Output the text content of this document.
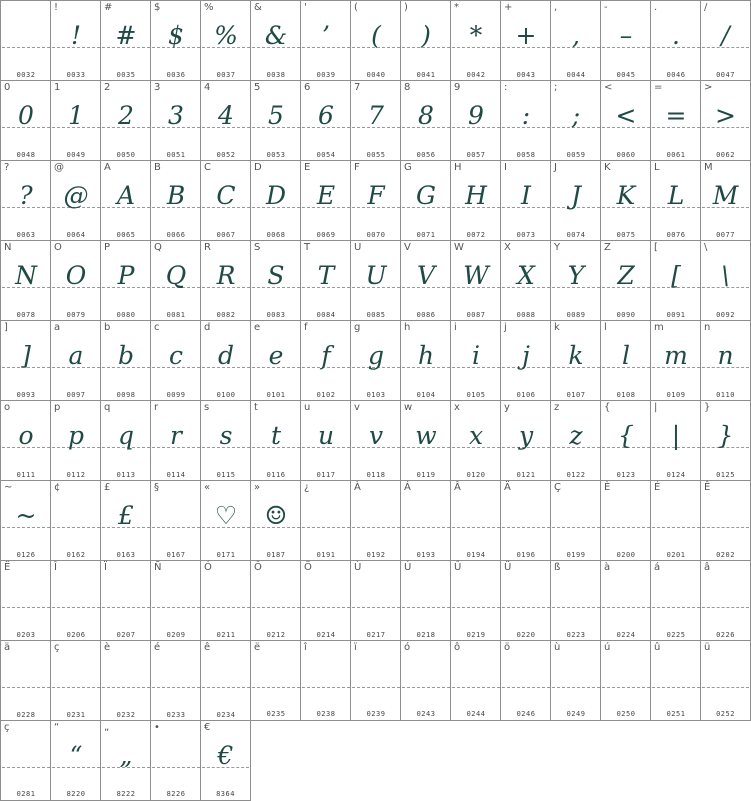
0032
!
!
0033
#
#
0035
$
$
0036
%
%
0037
&
&
0038
'
’
0039
(
(
0040
)
)
0041
*
*
0042
+
+
0043
,
,
0044
-
–
0045
.
.
0046
/
/
0047
0
0
0048
1
1
0049
2
2
0050
3
3
0051
4
4
0052
5
5
0053
6
6
0054
7
7
0055
8
8
0056
9
9
0057
:
:
0058
;
;
0059
<
<
0060
=
=
0061
>
>
0062
?
?
0063
@
@
0064
A
A
0065
B
B
0066
C
C
0067
D
D
0068
E
E
0069
F
F
0070
G
G
0071
H
H
0072
I
I
0073
J
J
0074
K
K
0075
L
L
0076
M
M
0077
N
N
0078
O
O
0079
P
P
0080
Q
Q
0081
R
R
0082
S
S
0083
T
T
0084
U
U
0085
V
V
0086
W
W
0087
X
X
0088
Y
Y
0089
Z
Z
0090
[
[
0091
\
\
0092
]
]
0093
a
a
0097
b
b
0098
c
c
0099
d
d
0100
e
e
0101
f
f
0102
g
g
0103
h
h
0104
i
i
0105
j
j
0106
k
k
0107
l
l
0108
m
m
0109
n
n
0110
o
o
0111
p
p
0112
q
q
0113
r
r
0114
s
s
0115
t
t
0116
u
u
0117
v
v
0118
w
w
0119
x
x
0120
y
y
0121
z
z
0122
{
{
0123
|
|
0124
}
}
0125
~
~
0126
¢
0162
£
£
0163
§
0167
«
♡
0171
»
☺
0187
¿
0191
À
0192
Á
0193
Â
0194
Ä
0196
Ç
0199
È
0200
É
0201
Ê
0202
Ë
0203
Î
0206
Ï
0207
Ñ
0209
Ó
0211
Ô
0212
Ö
0214
Ù
0217
Ú
0218
Û
0219
Ü
0220
ß
0223
à
0224
á
0225
â
0226
ä
0228
ç
0231
è
0232
é
0233
ê
0234
ë
0235
î
0238
ï
0239
ó
0243
ô
0244
ö
0246
ù
0249
ú
0250
û
0251
ü
0252
ç
0281
“
“
8220
„
„
8222
•
8226
€
€
8364
